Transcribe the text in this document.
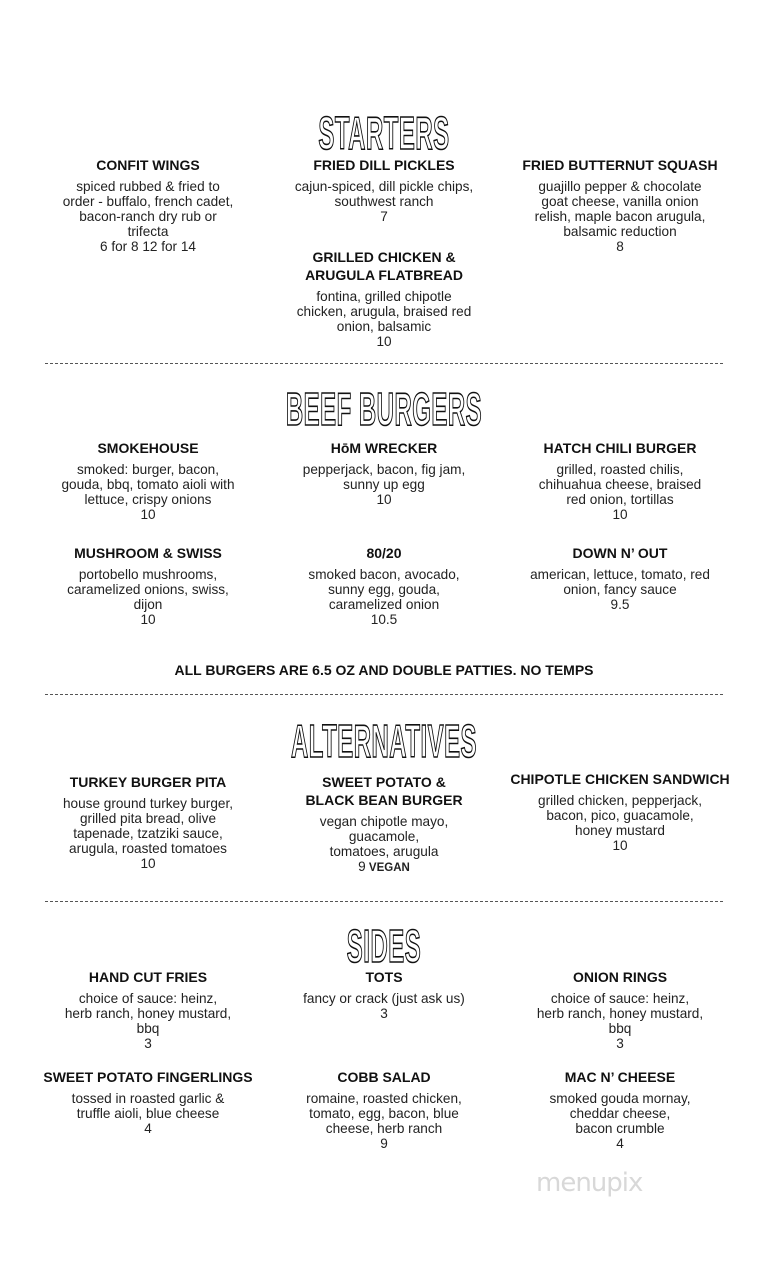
STARTERS
BEEF BURGERS
ALL BURGERS ARE 6.5 OZ AND DOUBLE PATTIES. NO TEMPS
ALTERNATIVES
SIDES
menupix
CONFIT WINGS
spiced rubbed & fried to
order - buffalo, french cadet,
bacon-ranch dry rub or
trifecta
6 for 8 12 for 14
FRIED DILL PICKLES
cajun-spiced, dill pickle chips,
southwest ranch
7
FRIED BUTTERNUT SQUASH
guajillo pepper & chocolate
goat cheese, vanilla onion
relish, maple bacon arugula,
balsamic reduction
8
GRILLED CHICKEN &
ARUGULA FLATBREAD
fontina, grilled chipotle
chicken, arugula, braised red
onion, balsamic
10
HōM WRECKER
pepperjack, bacon, fig jam,
sunny up egg
10
SMOKEHOUSE
smoked: burger, bacon,
gouda, bbq, tomato aioli with
lettuce, crispy onions
10
HATCH CHILI BURGER
grilled, roasted chilis,
chihuahua cheese, braised
red onion, tortillas
10
MUSHROOM & SWISS
portobello mushrooms,
caramelized onions, swiss,
dijon
10
80/20
smoked bacon, avocado,
sunny egg, gouda,
caramelized onion
10.5
DOWN N’ OUT
american, lettuce, tomato, red
onion, fancy sauce
9.5
TURKEY BURGER PITA
house ground turkey burger,
grilled pita bread, olive
tapenade, tzatziki sauce,
arugula, roasted tomatoes
10
SWEET POTATO &
BLACK BEAN BURGER
vegan chipotle mayo,
guacamole,
tomatoes, arugula
9 VEGAN
CHIPOTLE CHICKEN SANDWICH
grilled chicken, pepperjack,
bacon, pico, guacamole,
honey mustard
10
HAND CUT FRIES
choice of sauce: heinz,
herb ranch, honey mustard,
bbq
3
TOTS
fancy or crack (just ask us)
3
ONION RINGS
choice of sauce: heinz,
herb ranch, honey mustard,
bbq
3
SWEET POTATO FINGERLINGS
tossed in roasted garlic &
truffle aioli, blue cheese
4
COBB SALAD
romaine, roasted chicken,
tomato, egg, bacon, blue
cheese, herb ranch
9
MAC N’ CHEESE
smoked gouda mornay,
cheddar cheese,
bacon crumble
4
